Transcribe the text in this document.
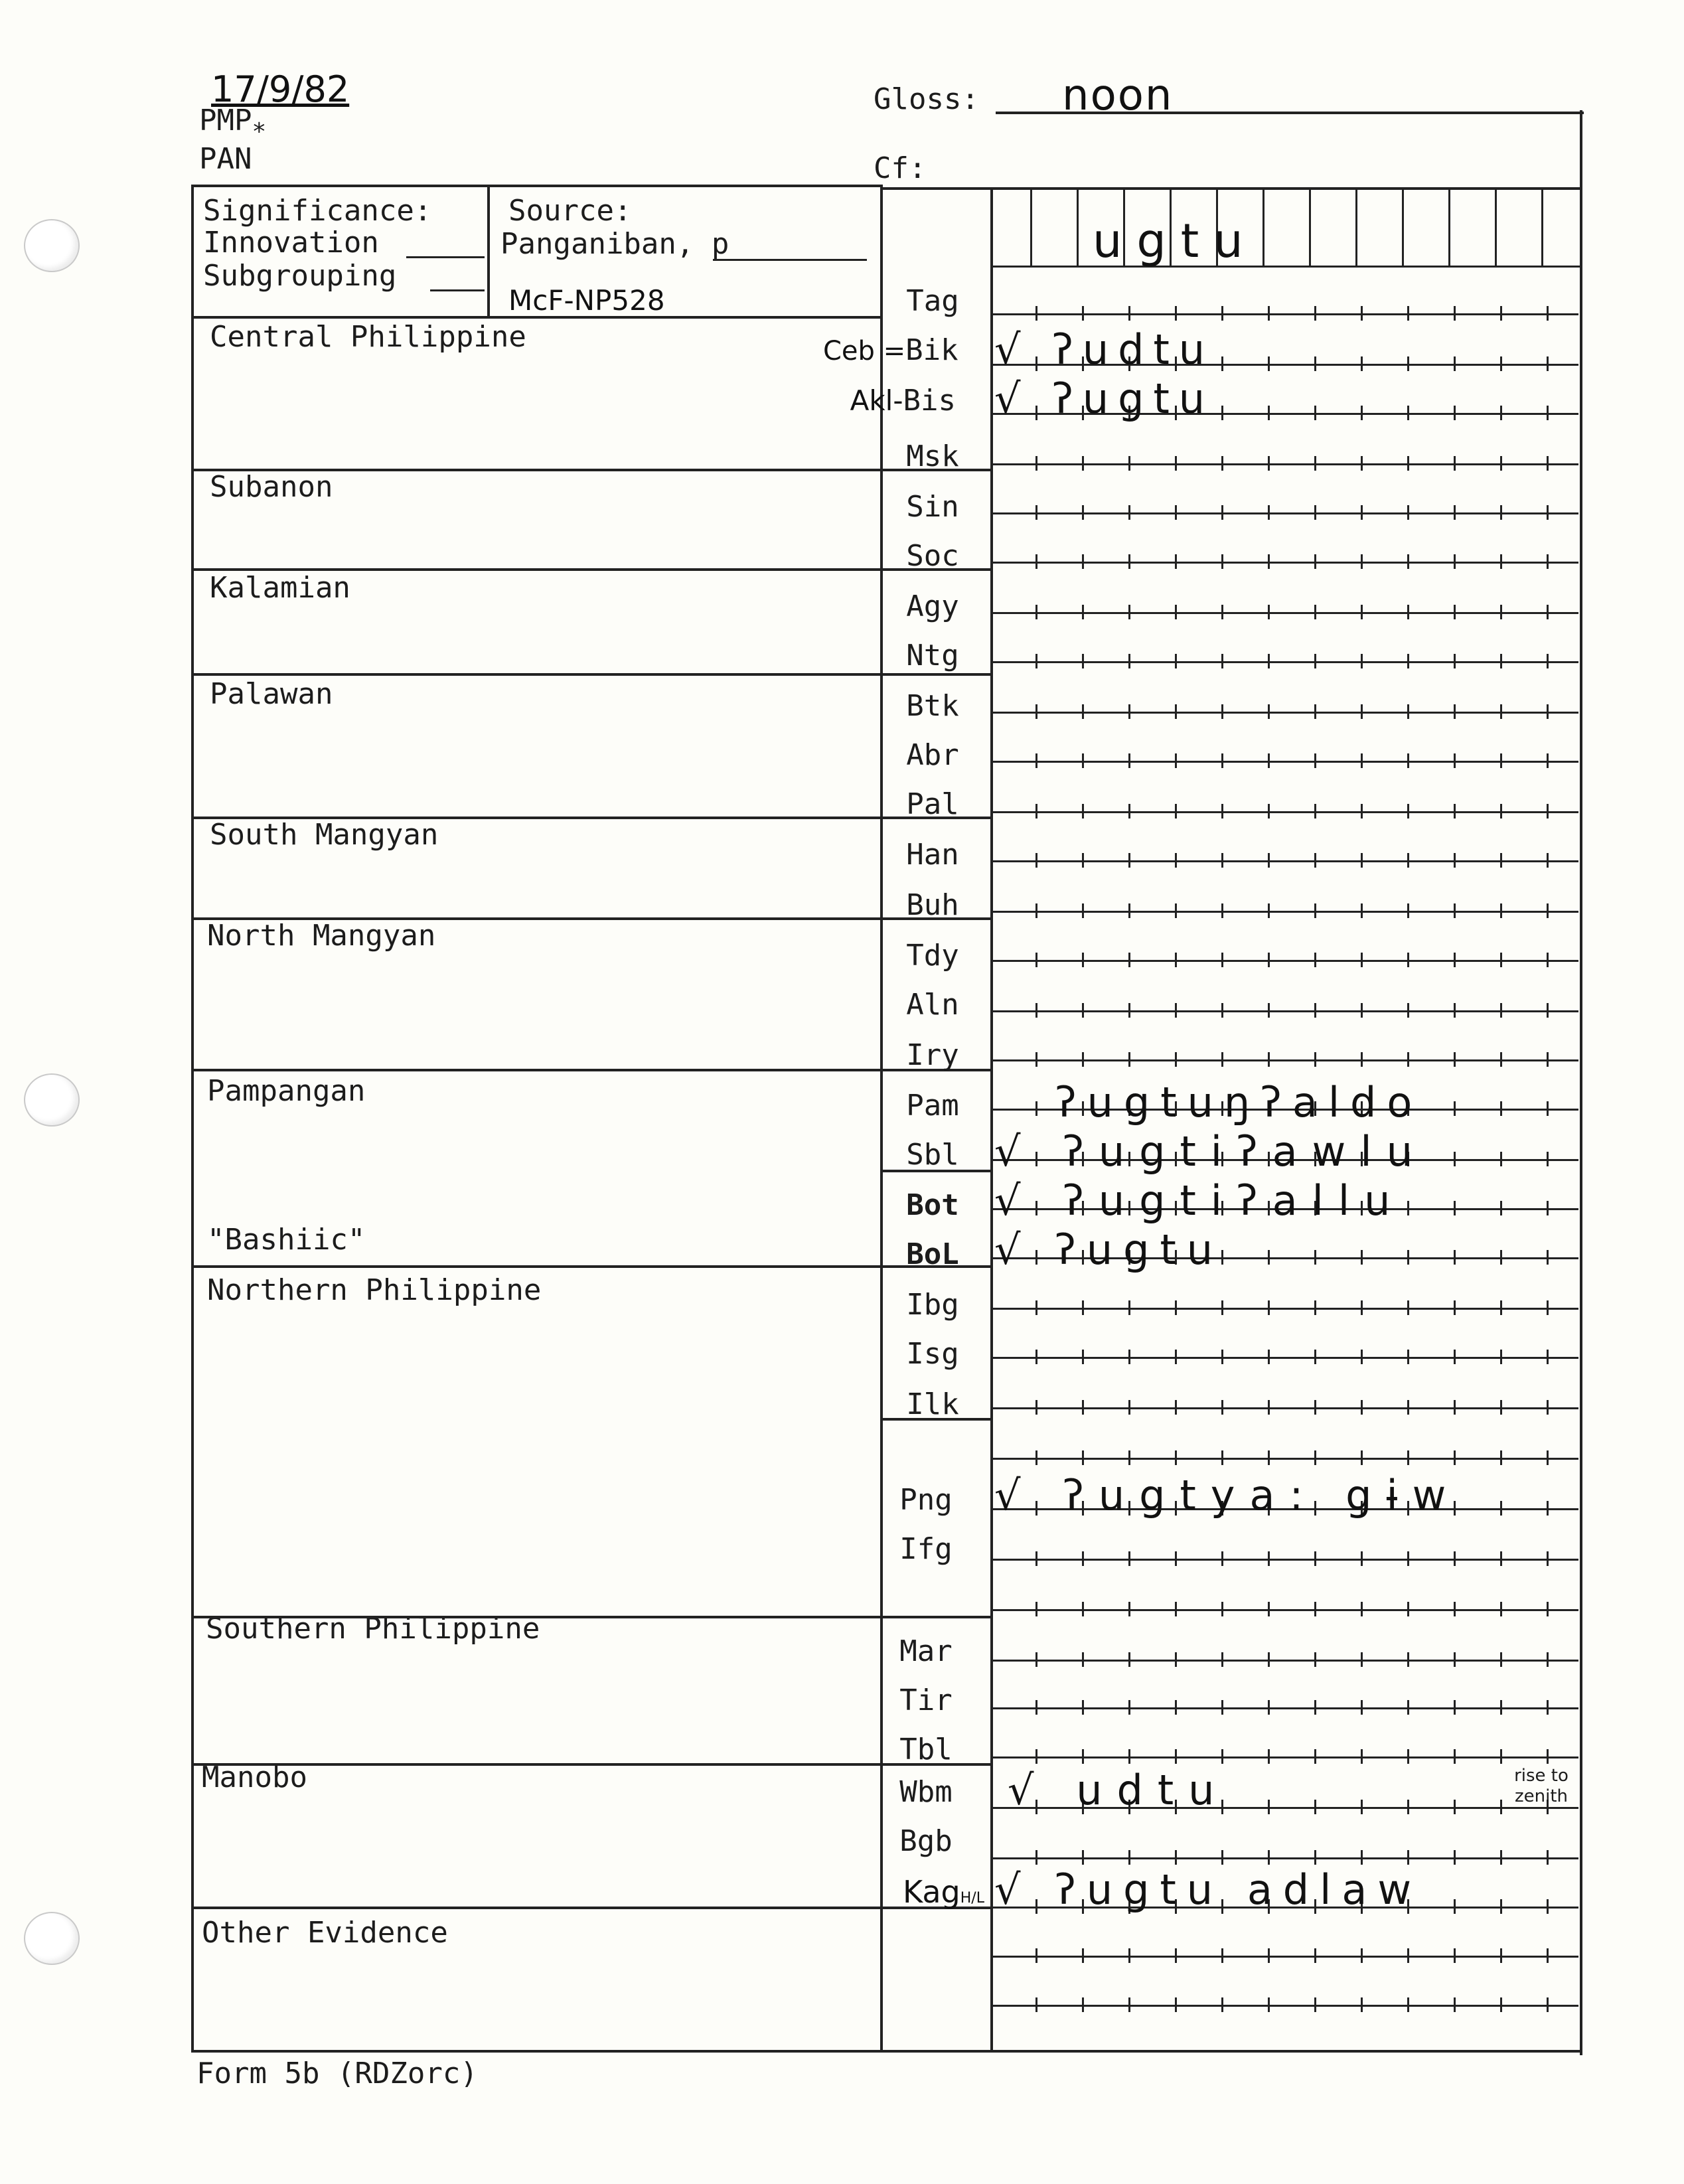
17/9/82
$PMP_*$
PAN
Gloss: noon
Cf:
Significance:
Innovation
Subgrouping
Source:
Panganiban, p
McF-NP528
ugtu
Central Philippine
Subanon
Kalamian
Palawan
South Mangyan
North Mangyan
Pampangan
"Bashiic"
Northern Philippine
Southern Philippine
Manobo
Other Evidence
Tag
Ceb =Bik
Akl-Bis
Msk
Sin
Soc
Agy
Ntg
Btk
Abr
Pal
Han
Buh
Tdy
Aln
Iry
Pam
Sbl
Bot
BoL
Ibg
Isg
Ilk
Png
Ifg
Mar
Tir
Tbl
Wbm
Bgb
KagH/L
√ ʔudtu
√ ʔugtu
ʔugtuŋʔaldo
√ ʔugtiʔawlu
√ ʔugtiʔallu
√ ʔugtu
√ ʔugtya: gɨw
√ udtu	rise to zenith
√ ʔugtu adlaw
Form 5b (RDZorc)
